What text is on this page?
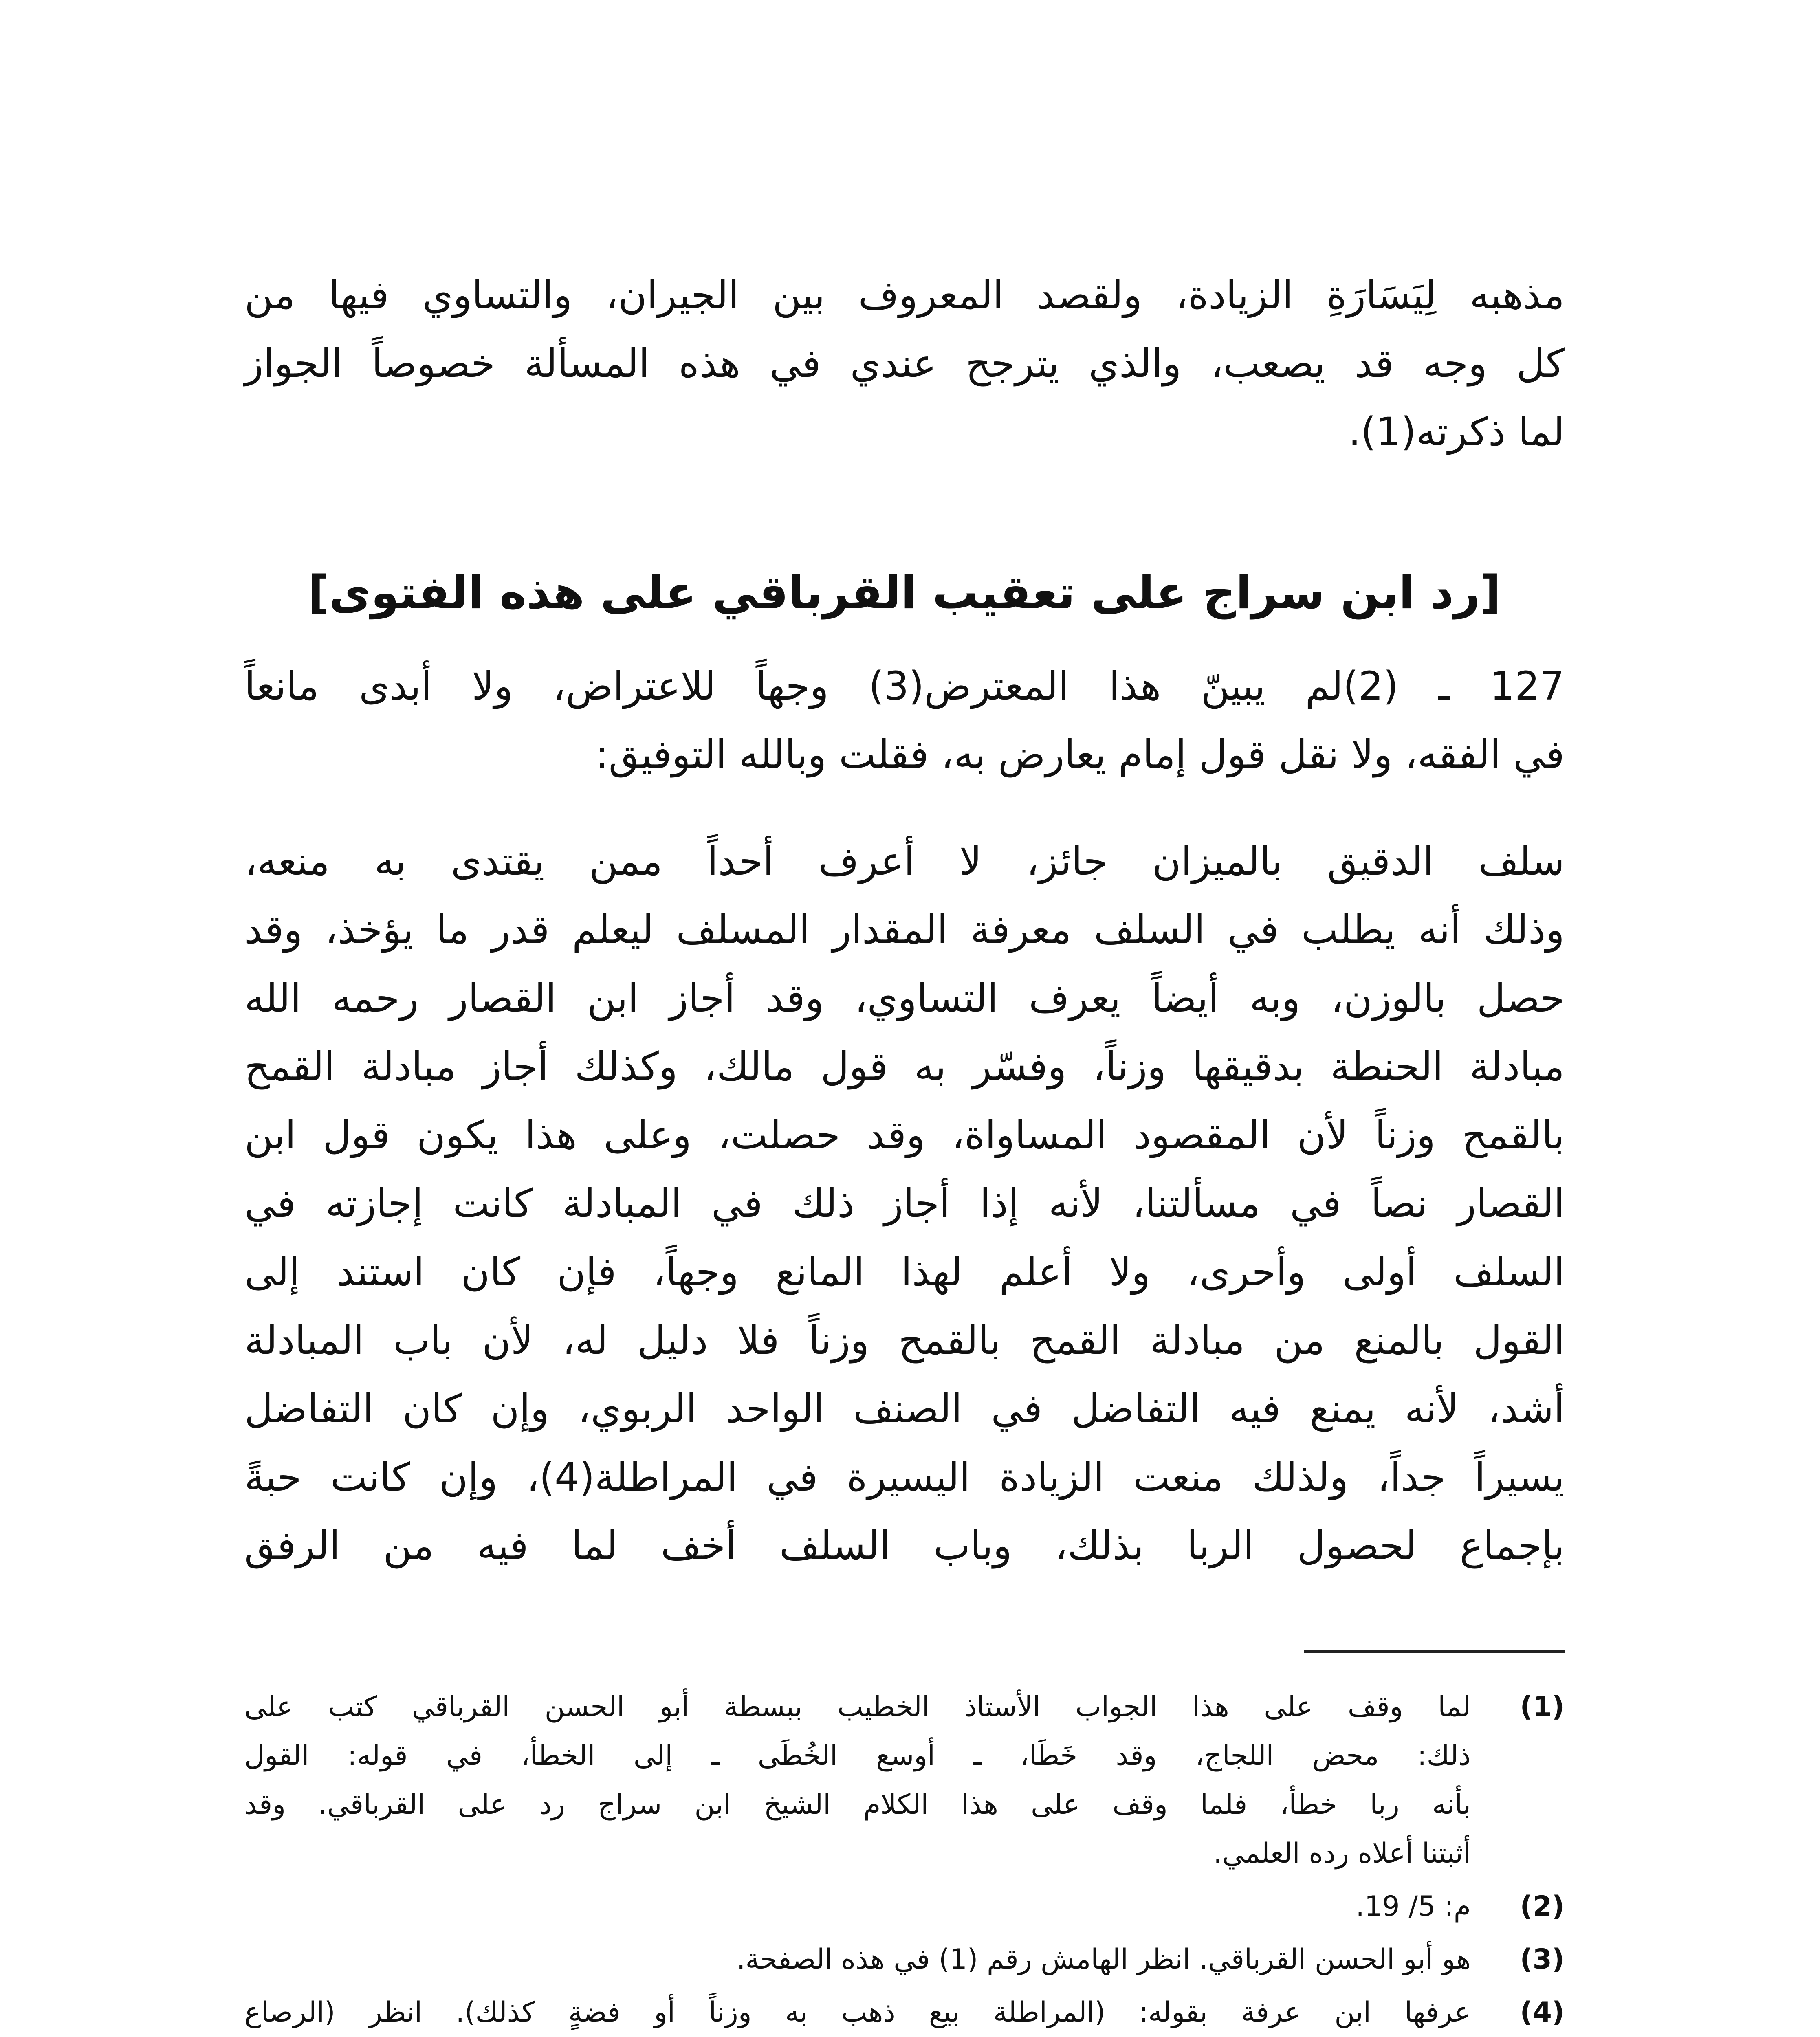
مذهبه لِيَسَارَةِ الزيادة، ولقصد المعروف بين الجيران، والتساوي فيها من
كل وجه قد يصعب، والذي يترجح عندي في هذه المسألة خصوصاً الجواز
لما ذكرته(1).
[رد ابن سراج على تعقيب القرباقي على هذه الفتوى]
127 ـ (2)لم يبينّ هذا المعترض(3) وجهاً للاعتراض، ولا أبدى مانعاً
في الفقه، ولا نقل قول إمام يعارض به، فقلت وبالله التوفيق:
سلف الدقيق بالميزان جائز، لا أعرف أحداً ممن يقتدى به منعه،
وذلك أنه يطلب في السلف معرفة المقدار المسلف ليعلم قدر ما يؤخذ، وقد
حصل بالوزن، وبه أيضاً يعرف التساوي، وقد أجاز ابن القصار رحمه الله
مبادلة الحنطة بدقيقها وزناً، وفسّر به قول مالك، وكذلك أجاز مبادلة القمح
بالقمح وزناً لأن المقصود المساواة، وقد حصلت، وعلى هذا يكون قول ابن
القصار نصاً في مسألتنا، لأنه إذا أجاز ذلك في المبادلة كانت إجازته في
السلف أولى وأحرى، ولا أعلم لهذا المانع وجهاً، فإن كان استند إلى
القول بالمنع من مبادلة القمح بالقمح وزناً فلا دليل له، لأن باب المبادلة
أشد، لأنه يمنع فيه التفاضل في الصنف الواحد الربوي، وإن كان التفاضل
يسيراً جداً، ولذلك منعت الزيادة اليسيرة في المراطلة(4)، وإن كانت حبةً
بإجماع لحصول الربا بذلك، وباب السلف أخف لما فيه من الرفق
(1)
لما وقف على هذا الجواب الأستاذ الخطيب ببسطة أبو الحسن القرباقي كتب على
ذلك: محض اللجاج، وقد خَطَا، ـ أوسع الخُطَى ـ إلى الخطأ، في قوله: القول
بأنه ربا خطأ، فلما وقف على هذا الكلام الشيخ ابن سراج رد على القرباقي. وقد
أثبتنا أعلاه رده العلمي.
(2)
م: 5/ 19.
(3)
هو أبو الحسن القرباقي. انظر الهامش رقم (1) في هذه الصفحة.
(4)
عرفها ابن عرفة بقوله: (المراطلة بيع ذهب به وزناً أو فضةٍ كذلك). انظر (الرصاع
